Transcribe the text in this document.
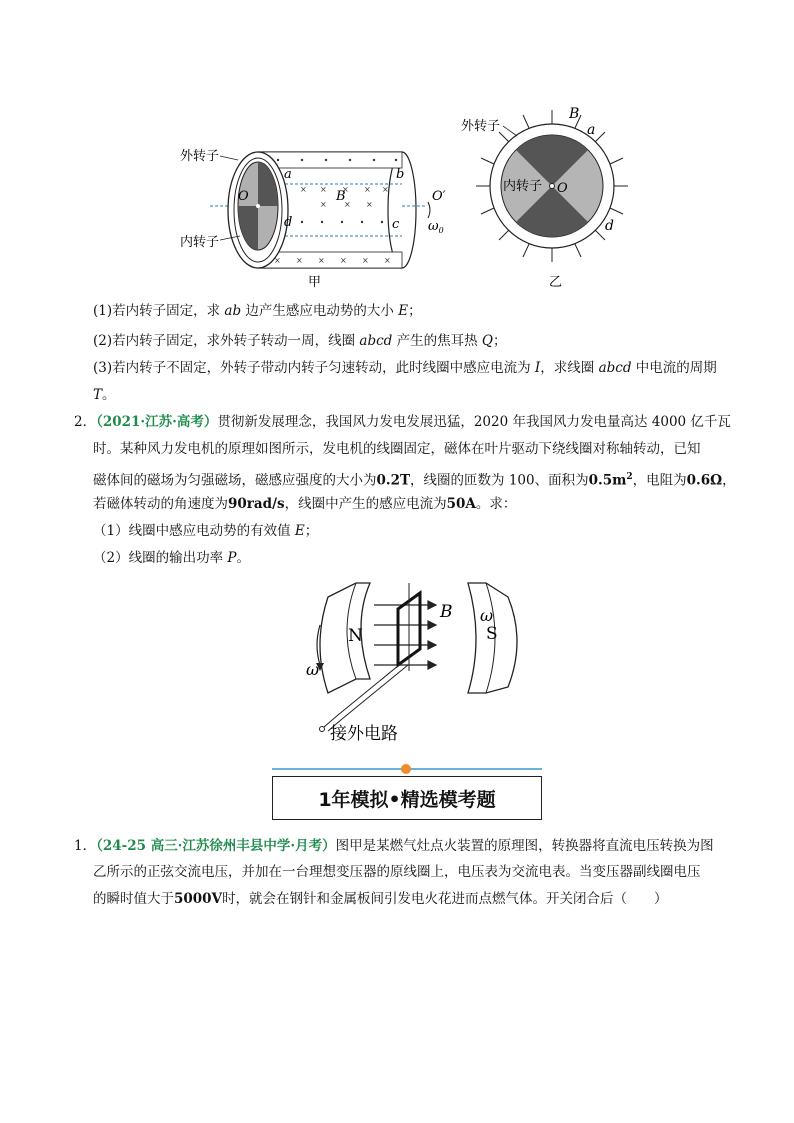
× × × × × ×
× × × × ×
× × ×
外转子
内转子
O	O′
a	b
c
d
B
$\omega_0$
甲
外转子
内转子 O
B
a
d
乙
(1)若内转子固定，求 ab 边产生感应电动势的大小 E；
(2)若内转子固定，求外转子转动一周，线圈 abcd 产生的焦耳热 Q；
(3)若内转子不固定，外转子带动内转子匀速转动，此时线圈中感应电流为 I，求线圈 abcd 中电流的周期
T。
2．（2021·江苏·高考）贯彻新发展理念，我国风力发电发展迅猛，2020 年我国风力发电量高达 4000 亿千瓦
时。某种风力发电机的原理如图所示，发电机的线圈固定，磁体在叶片驱动下绕线圈对称轴转动，已知
磁体间的磁场为匀强磁场，磁感应强度的大小为0.2T，线圈的匝数为 100、面积为$0.5m^2$，电阻为0.6Ω，
若磁体转动的角速度为90rad/s，线圈中产生的感应电流为50A。求：
（1）线圈中感应电动势的有效值 E；
（2）线圈的输出功率 P。
N	S
B
ω
ω
接外电路
1年模拟•精选模考题
1．（24-25 高三·江苏徐州丰县中学·月考）图甲是某燃气灶点火装置的原理图，转换器将直流电压转换为图
乙所示的正弦交流电压，并加在一台理想变压器的原线圈上，电压表为交流电表。当变压器副线圈电压
的瞬时值大于5000V时，就会在钢针和金属板间引发电火花进而点燃气体。开关闭合后（　　）
